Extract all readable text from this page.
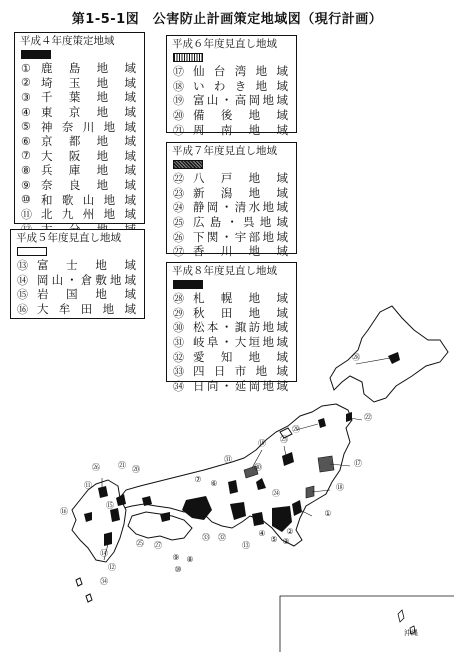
第1-5-1図　公害防止計画策定地域図（現行計画）
平成４年度策定地域
① 鹿 島 地 域
② 埼 玉 地 域
③ 千 葉 地 域
④ 東 京 地 域
⑤ 神 奈 川 地 域
⑥ 京 都 地 域
⑦ 大 阪 地 域
⑧ 兵 庫 地 域
⑨ 奈 良 地 域
⑩ 和 歌 山 地 域
⑪ 北 九 州 地 域
平成５年度見直し地域
⑬ 富 士 地 域
⑭ 岡 山 ・ 倉 敷 地 域
⑮ 岩 国 地 域
⑯ 大 牟 田 地 域
平成６年度見直し地域
⑰ 仙 台 湾 地 域
⑱ い わ き 地 域
⑲ 富 山 ・ 高 岡 地 域
⑳ 備 後 地 域
㉑ 周 南 地 域
平成７年度見直し地域
㉒ 八 戸 地 域
㉓ 新 潟 地 域
㉔ 静 岡 ・ 清 水 地 域
㉕ 広 島 ・ 呉 地 域
㉖ 下 関 ・ 宇 部 地 域
㉗ 香 川 地 域
平成８年度見直し地域
㉘ 札 幌 地 域
㉙ 秋 田 地 域
㉚ 松 本 ・ 諏 訪 地 域
㉛ 岐 阜 ・ 大 垣 地 域
㉜ 愛 知 地 域
㉝ 四 日 市 地 域
㉞ 日 向 ・ 延 岡 地 域
㉘
㉒
㉙
⑰
⑱
㉓
⑲
①
②
③
④
⑤
⑬
㉔
㉚
㉛
⑥
⑦
⑧
⑨
⑩
㉜
㉝
㉗
⑳
⑭
㉕
⑮
㉑
㉖
⑪
⑫
⑯
㉞
沖縄
